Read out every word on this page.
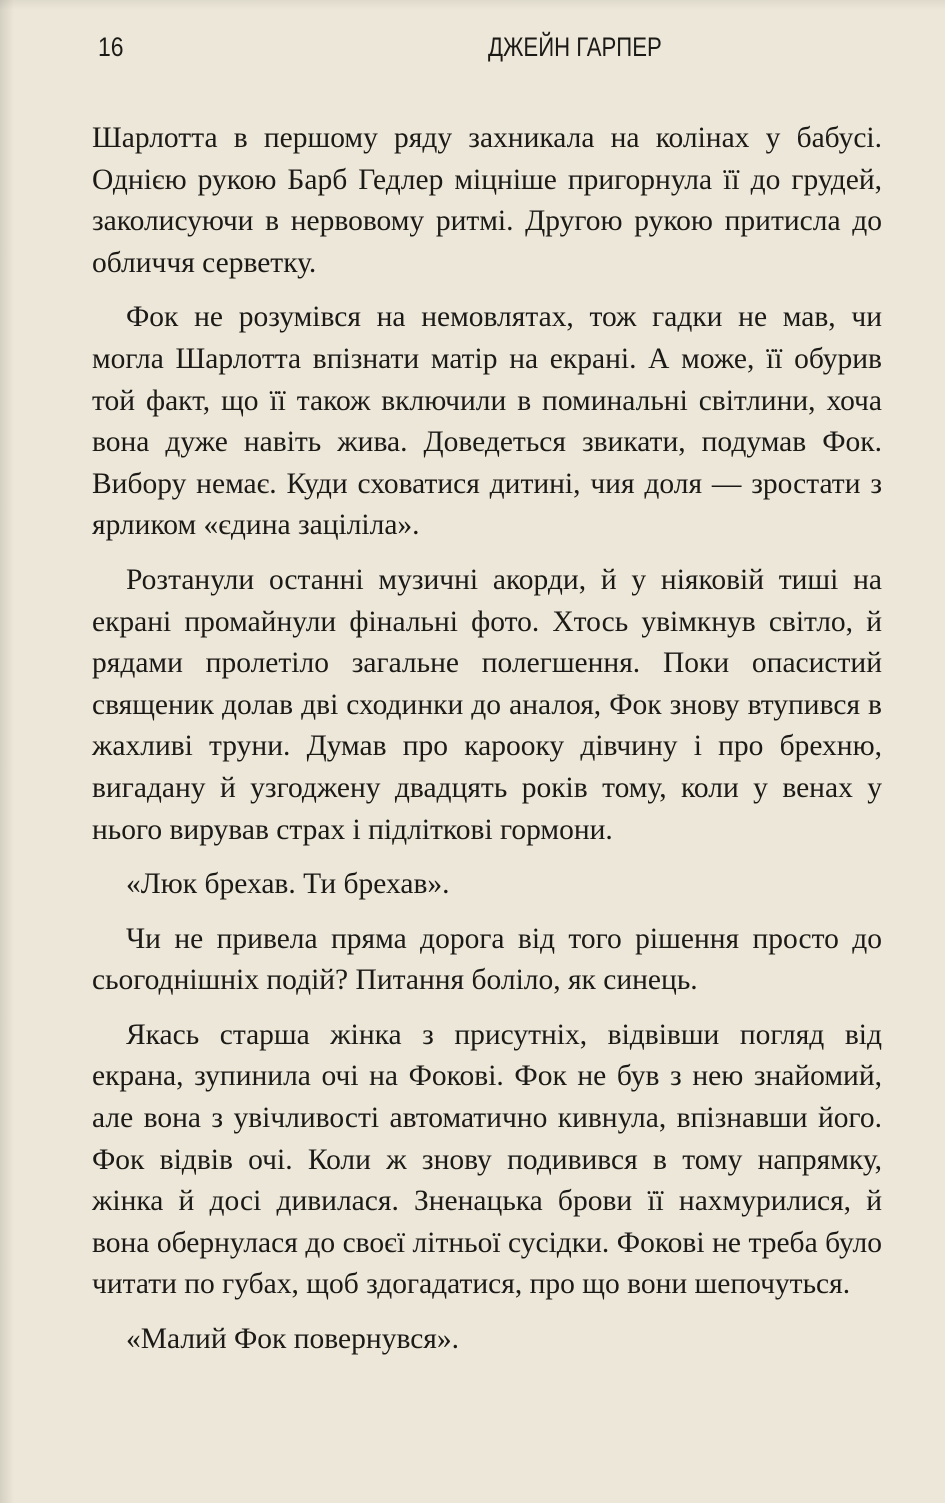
16	ДЖЕЙН ГАРПЕР

Шарлотта в першому ряду захникала на колінах у бабусі. Однією рукою Барб Гедлер міцніше пригорнула її до грудей, заколисуючи в нервовому ритмі. Другою рукою притисла до обличчя серветку.

Фок не розумівся на немовлятах, тож гадки не мав, чи могла Шарлотта впізнати матір на екрані. А може, її обурив той факт, що її також включили в поминальні світлини, хоча вона дуже навіть жива. Доведеться звикати, подумав Фок. Вибору немає. Куди сховатися дитині, чия доля — зростати з ярликом «єдина заціліла».

Розтанули останні музичні акорди, й у ніяковій тиші на екрані промайнули фінальні фото. Хтось увімкнув світло, й рядами пролетіло загальне полегшення. Поки опасистий священик долав дві сходинки до аналоя, Фок знову втупився в жахливі труни. Думав про карооку дівчину і про брехню, вигадану й узгоджену двадцять років тому, коли у венах у нього вирував страх і підліткові гормони.

«Люк брехав. Ти брехав».

Чи не привела пряма дорога від того рішення просто до сьогоднішніх подій? Питання боліло, як синець.

Якась старша жінка з присутніх, відвівши погляд від екрана, зупинила очі на Фокові. Фок не був з нею знайомий, але вона з увічливості автоматично кивнула, впізнавши його. Фок відвів очі. Коли ж знову подивився в тому напрямку, жінка й досі дивилася. Зненацька брови її нахмурилися, й вона обернулася до своєї літньої сусідки. Фокові не треба було читати по губах, щоб здогадатися, про що вони шепочуться.

«Малий Фок повернувся».
